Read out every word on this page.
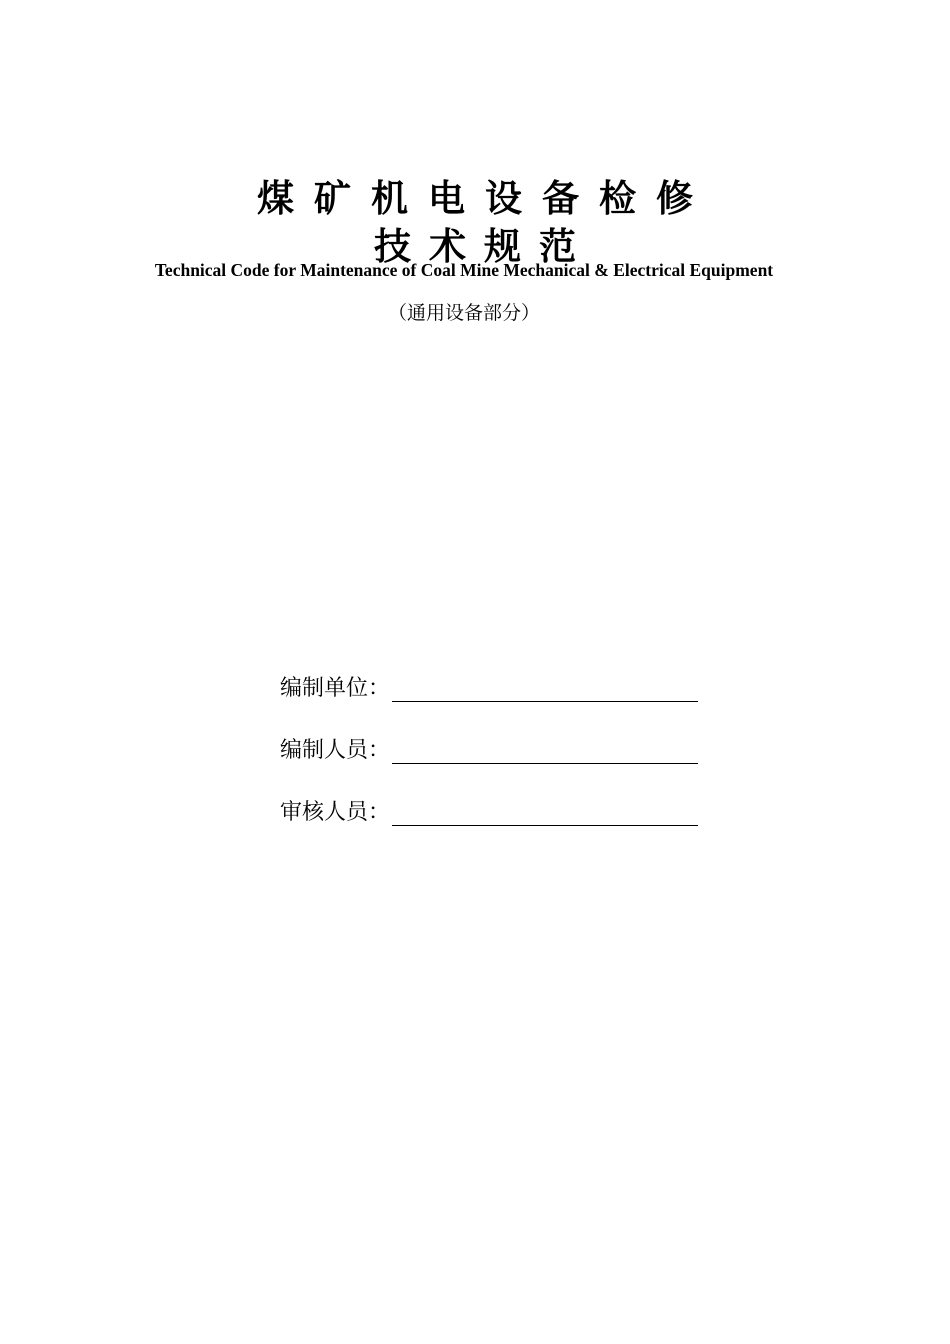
煤矿机电设备检修
技术规范
Technical Code for Maintenance of Coal Mine Mechanical & Electrical Equipment
（通用设备部分）
编制单位：
编制人员：
审核人员：
